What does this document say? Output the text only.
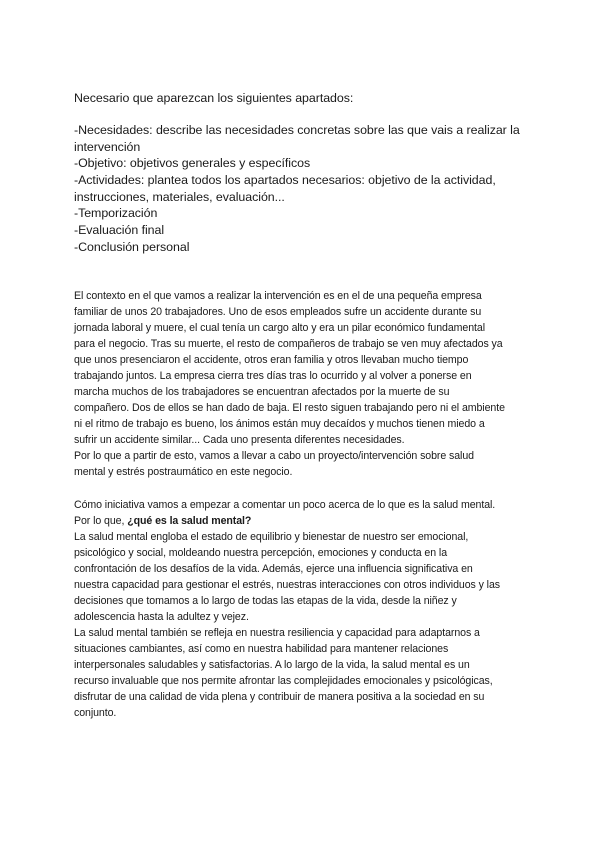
Necesario que aparezcan los siguientes apartados:
-Necesidades: describe las necesidades concretas sobre las que vais a realizar la
intervención
-Objetivo: objetivos generales y específicos
-Actividades: plantea todos los apartados necesarios: objetivo de la actividad,
instrucciones, materiales, evaluación...
-Temporización
-Evaluación final
-Conclusión personal
El contexto en el que vamos a realizar la intervención es en el de una pequeña empresa
familiar de unos 20 trabajadores. Uno de esos empleados sufre un accidente durante su
jornada laboral y muere, el cual tenía un cargo alto y era un pilar económico fundamental
para el negocio. Tras su muerte, el resto de compañeros de trabajo se ven muy afectados ya
que unos presenciaron el accidente, otros eran familia y otros llevaban mucho tiempo
trabajando juntos. La empresa cierra tres días tras lo ocurrido y al volver a ponerse en
marcha muchos de los trabajadores se encuentran afectados por la muerte de su
compañero. Dos de ellos se han dado de baja. El resto siguen trabajando pero ni el ambiente
ni el ritmo de trabajo es bueno, los ánimos están muy decaídos y muchos tienen miedo a
sufrir un accidente similar... Cada uno presenta diferentes necesidades.
Por lo que a partir de esto, vamos a llevar a cabo un proyecto/intervención sobre salud
mental y estrés postraumático en este negocio.
Cómo iniciativa vamos a empezar a comentar un poco acerca de lo que es la salud mental.
Por lo que, ¿qué es la salud mental?
La salud mental engloba el estado de equilibrio y bienestar de nuestro ser emocional,
psicológico y social, moldeando nuestra percepción, emociones y conducta en la
confrontación de los desafíos de la vida. Además, ejerce una influencia significativa en
nuestra capacidad para gestionar el estrés, nuestras interacciones con otros individuos y las
decisiones que tomamos a lo largo de todas las etapas de la vida, desde la niñez y
adolescencia hasta la adultez y vejez.
La salud mental también se refleja en nuestra resiliencia y capacidad para adaptarnos a
situaciones cambiantes, así como en nuestra habilidad para mantener relaciones
interpersonales saludables y satisfactorias. A lo largo de la vida, la salud mental es un
recurso invaluable que nos permite afrontar las complejidades emocionales y psicológicas,
disfrutar de una calidad de vida plena y contribuir de manera positiva a la sociedad en su
conjunto.
